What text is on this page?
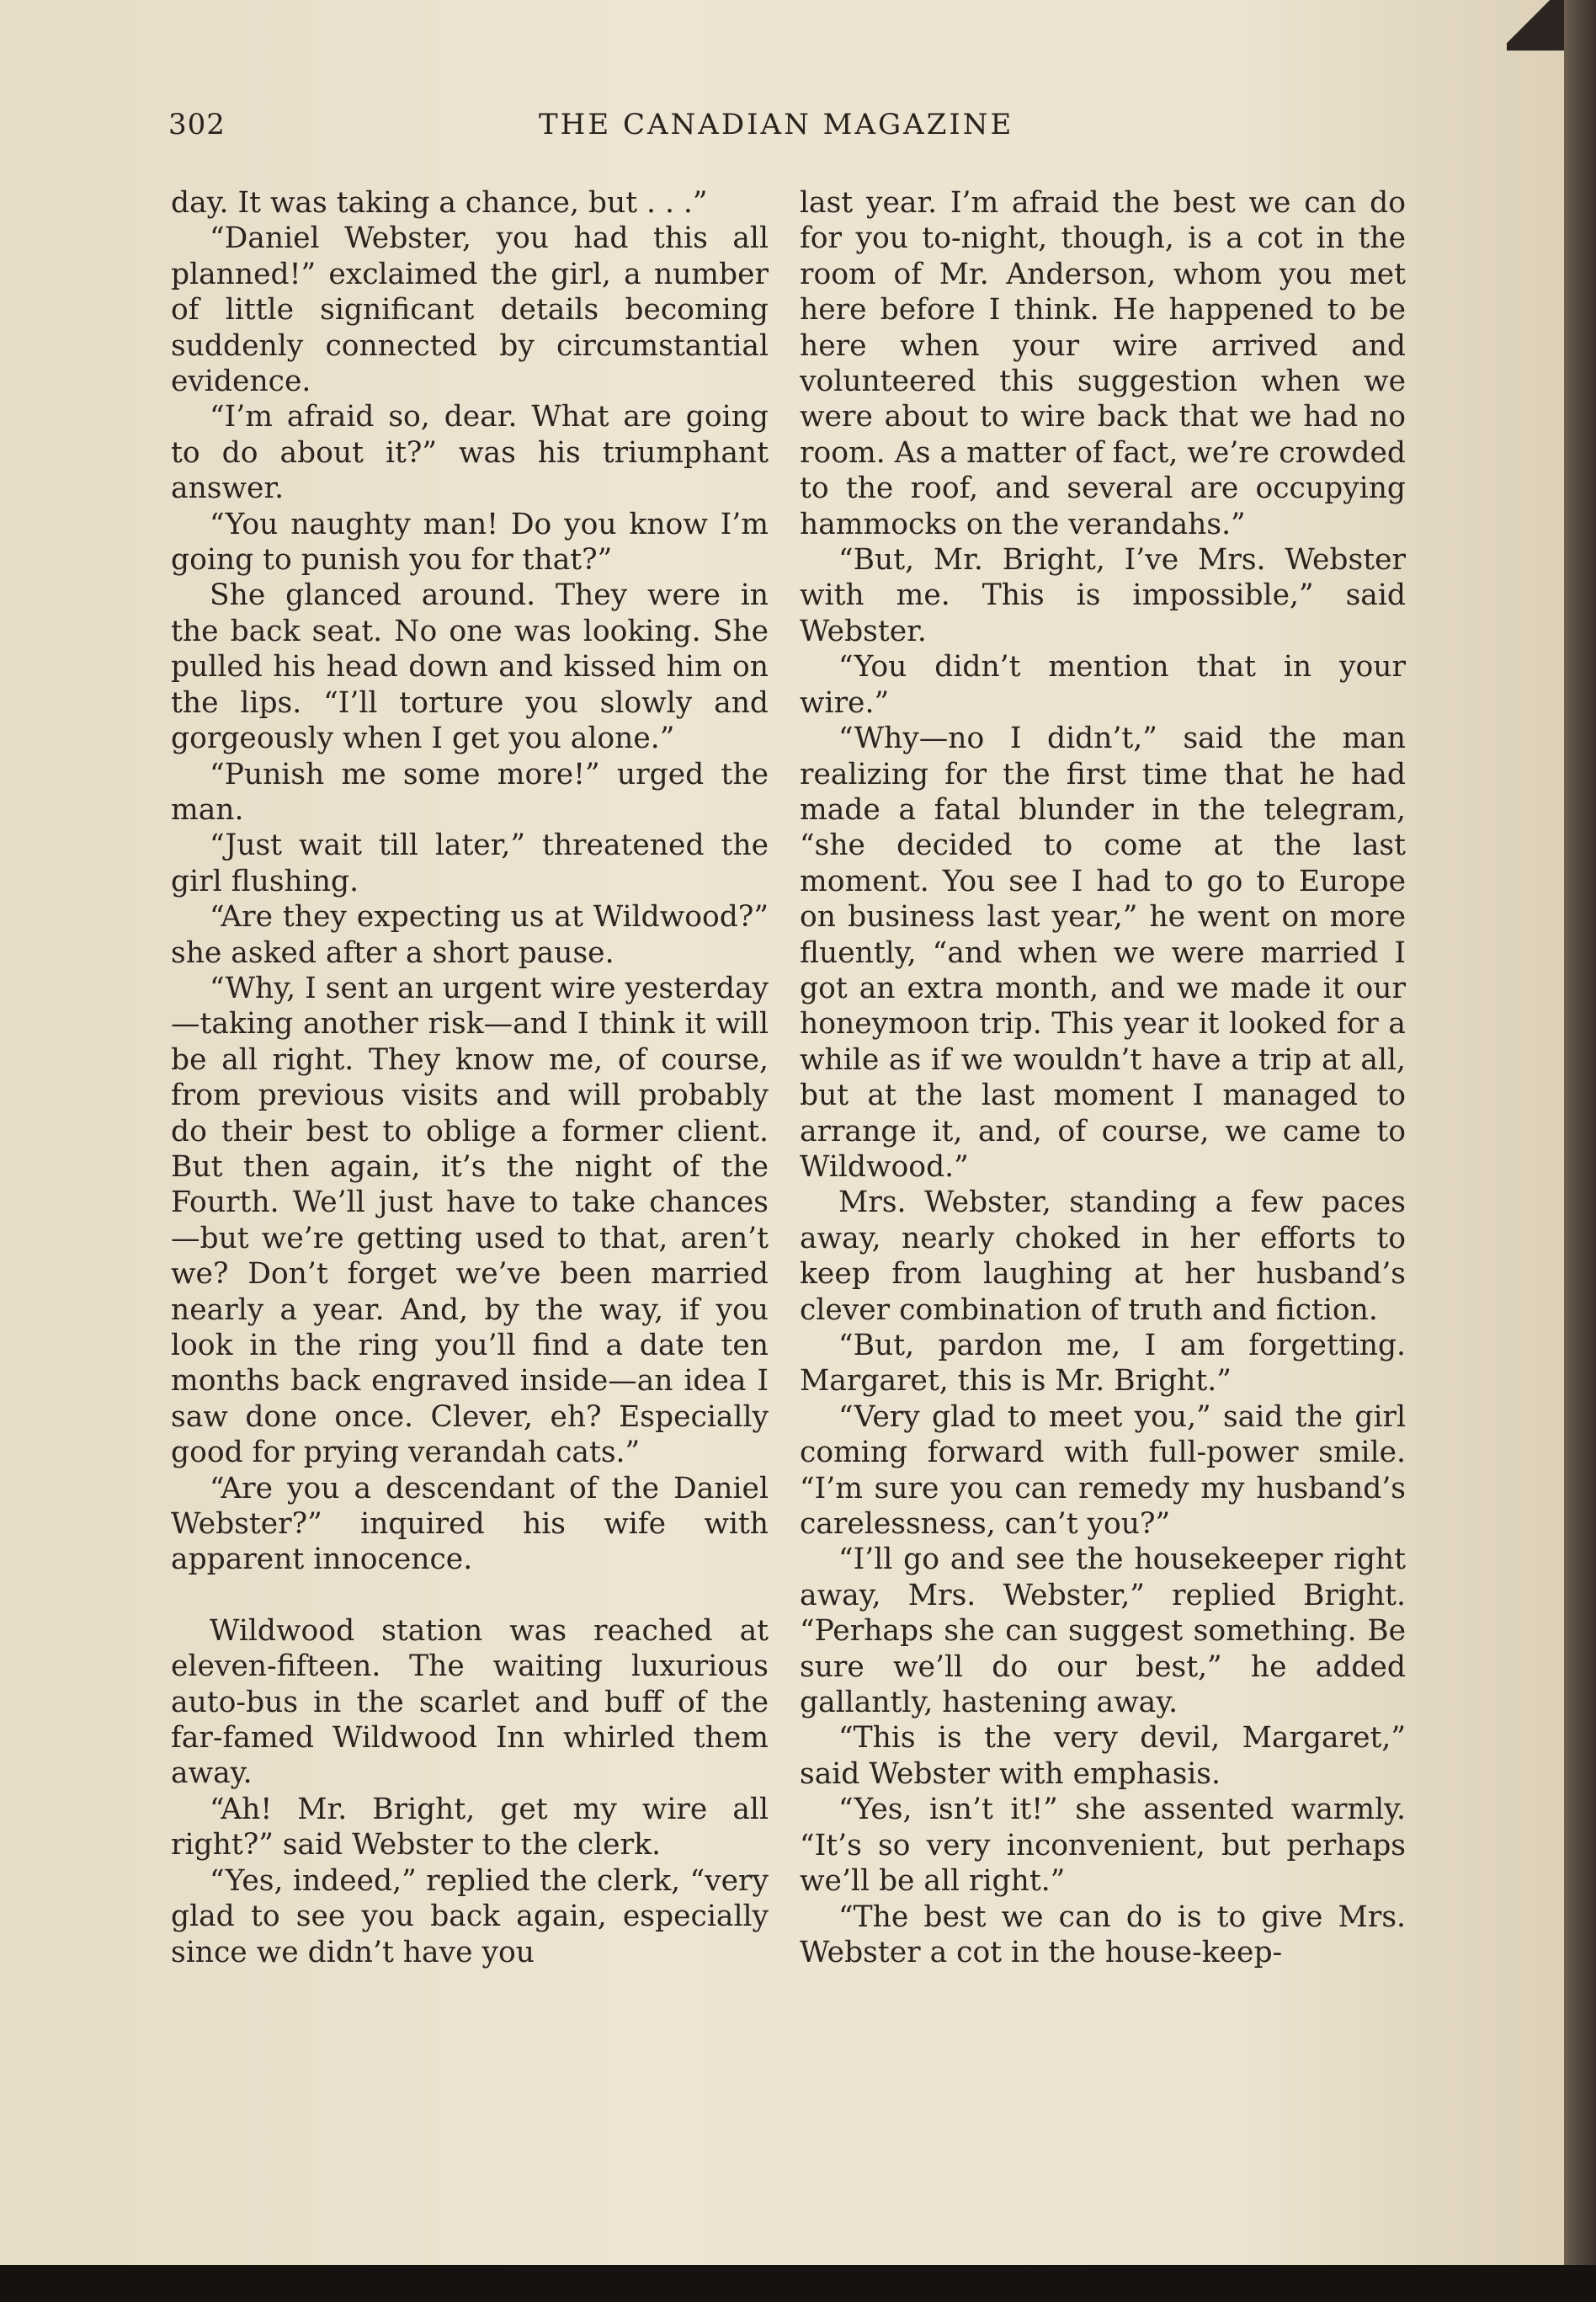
302	THE CANADIAN MAGAZINE

day. It was taking a chance, but . . .”

“Daniel Webster, you had this all planned!” exclaimed the girl, a number of little significant details becoming suddenly connected by circumstantial evidence.

“I’m afraid so, dear. What are going to do about it?” was his triumphant answer.

“You naughty man! Do you know I’m going to punish you for that?”

She glanced around. They were in the back seat. No one was looking. She pulled his head down and kissed him on the lips. “I’ll torture you slowly and gorgeously when I get you alone.”

“Punish me some more!” urged the man.

“Just wait till later,” threatened the girl flushing.

“Are they expecting us at Wildwood?” she asked after a short pause.

“Why, I sent an urgent wire yesterday—taking another risk—and I think it will be all right. They know me, of course, from previous visits and will probably do their best to oblige a former client. But then again, it’s the night of the Fourth. We’ll just have to take chances—but we’re getting used to that, aren’t we? Don’t forget we’ve been married nearly a year. And, by the way, if you look in the ring you’ll find a date ten months back engraved inside—an idea I saw done once. Clever, eh? Especially good for prying verandah cats.”

“Are you a descendant of the Daniel Webster?” inquired his wife with apparent innocence.

Wildwood station was reached at eleven-fifteen. The waiting luxurious auto-bus in the scarlet and buff of the far-famed Wildwood Inn whirled them away.

“Ah! Mr. Bright, get my wire all right?” said Webster to the clerk.

“Yes, indeed,” replied the clerk, “very glad to see you back again, especially since we didn’t have you

last year. I’m afraid the best we can do for you to-night, though, is a cot in the room of Mr. Anderson, whom you met here before I think. He happened to be here when your wire arrived and volunteered this suggestion when we were about to wire back that we had no room. As a matter of fact, we’re crowded to the roof, and several are occupying hammocks on the verandahs.”

“But, Mr. Bright, I’ve Mrs. Webster with me. This is impossible,” said Webster.

“You didn’t mention that in your wire.”

“Why—no I didn’t,” said the man realizing for the first time that he had made a fatal blunder in the telegram, “she decided to come at the last moment. You see I had to go to Europe on business last year,” he went on more fluently, “and when we were married I got an extra month, and we made it our honeymoon trip. This year it looked for a while as if we wouldn’t have a trip at all, but at the last moment I managed to arrange it, and, of course, we came to Wildwood.”

Mrs. Webster, standing a few paces away, nearly choked in her efforts to keep from laughing at her husband’s clever combination of truth and fiction.

“But, pardon me, I am forgetting. Margaret, this is Mr. Bright.”

“Very glad to meet you,” said the girl coming forward with full-power smile. “I’m sure you can remedy my husband’s carelessness, can’t you?”

“I’ll go and see the housekeeper right away, Mrs. Webster,” replied Bright. “Perhaps she can suggest something. Be sure we’ll do our best,” he added gallantly, hastening away.

“This is the very devil, Margaret,” said Webster with emphasis.

“Yes, isn’t it!” she assented warmly. “It’s so very inconvenient, but perhaps we’ll be all right.”

“The best we can do is to give Mrs. Webster a cot in the house-keep-
